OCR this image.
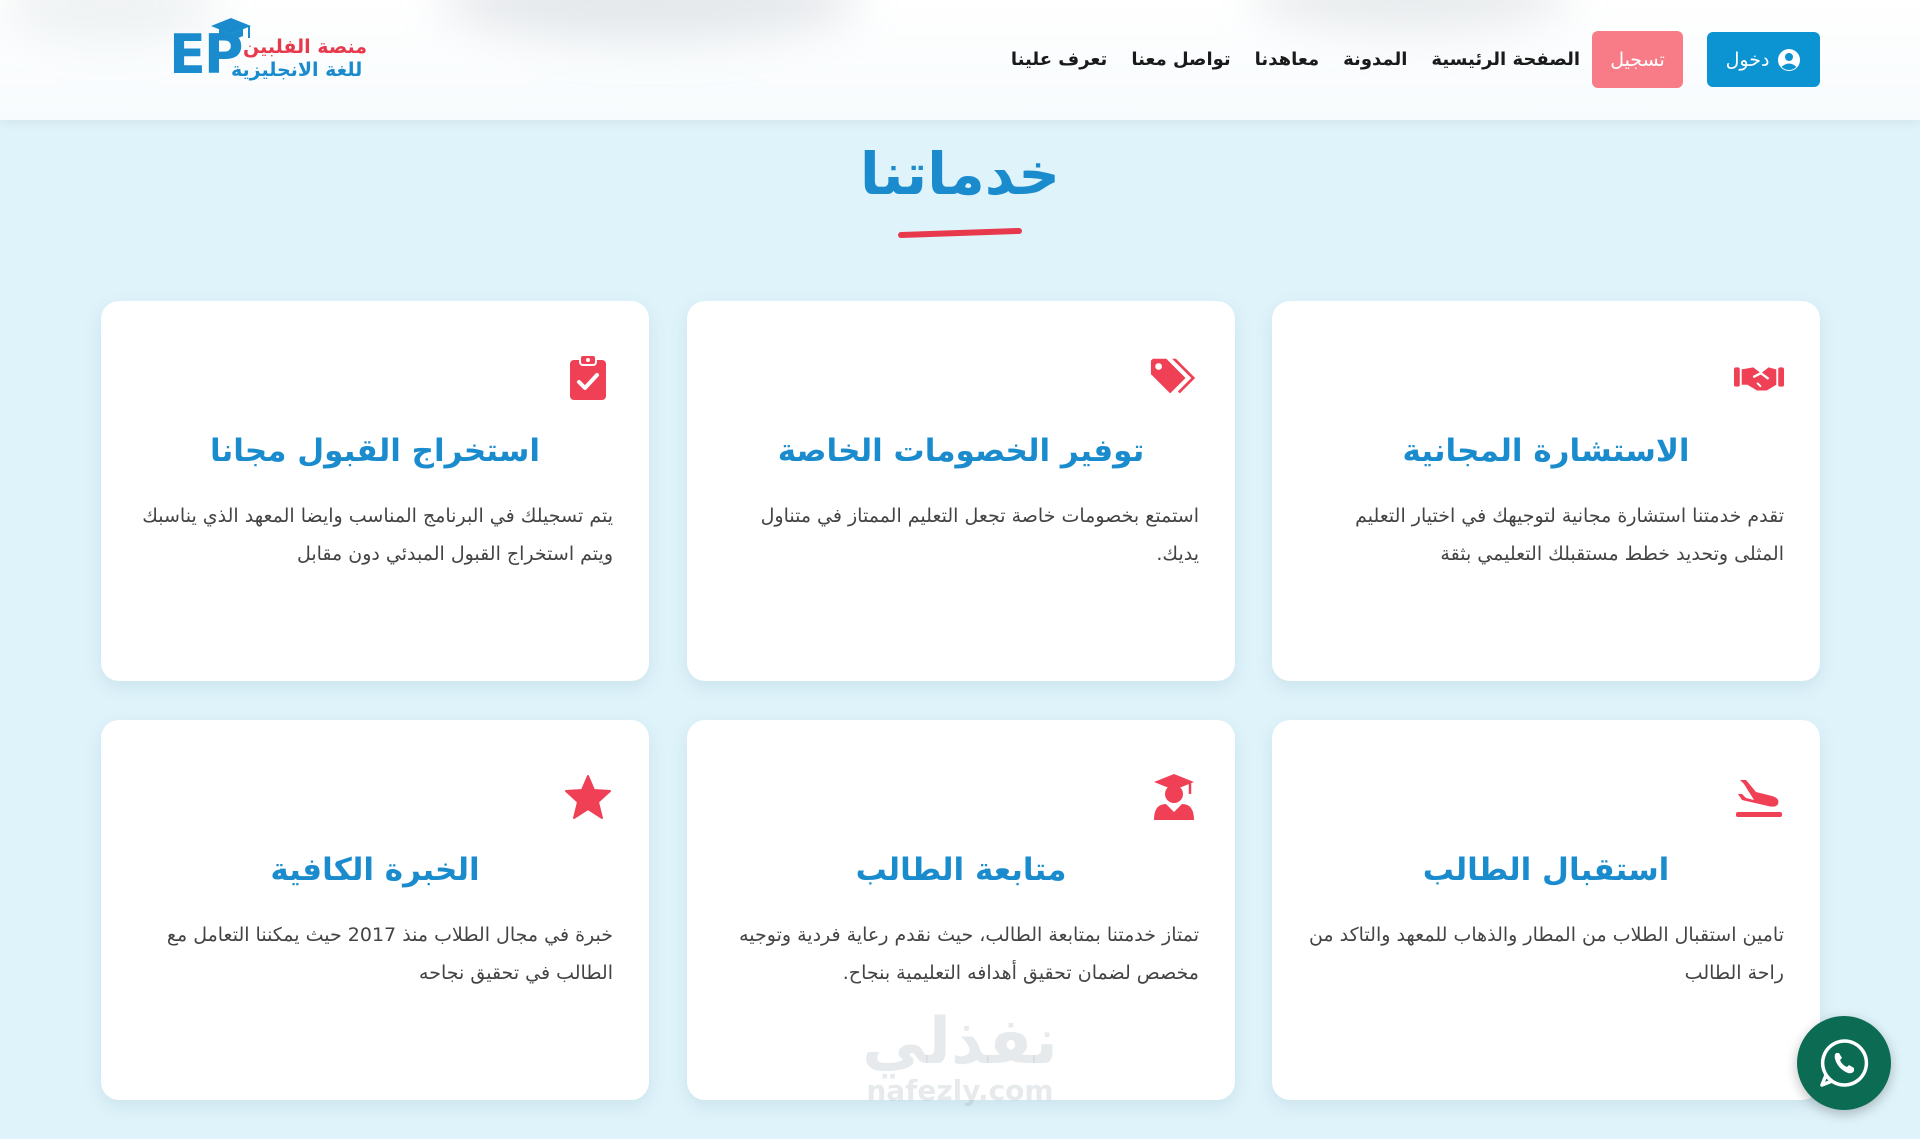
EP منصة الفلبين
للغة الانجليزية	الصفحة الرئيسية
المدونة
معاهدنا
تواصل معنا
تعرف علينا	تسجيل	دخول
خدماتنا
الاستشارة المجانية

تقدم خدمتنا استشارة مجانية لتوجيهك في اختيار التعليم المثلى وتحديد خطط مستقبلك التعليمي بثقة

توفير الخصومات الخاصة

استمتع بخصومات خاصة تجعل التعليم الممتاز في متناول يديك.

استخراج القبول مجانا

يتم تسجيلك في البرنامج المناسب وايضا المعهد الذي يناسبك ويتم استخراج القبول المبدئي دون مقابل

استقبال الطالب

تامين استقبال الطلاب من المطار والذهاب للمعهد والتاكد من راحة الطالب

متابعة الطالب

تمتاز خدمتنا بمتابعة الطالب، حيث نقدم رعاية فردية وتوجيه مخصص لضمان تحقيق أهدافه التعليمية بنجاح.

الخبرة الكافية

خبرة في مجال الطلاب منذ 2017 حيث يمكننا التعامل مع الطالب في تحقيق نجاحه

نفذلي
nafezly.com
